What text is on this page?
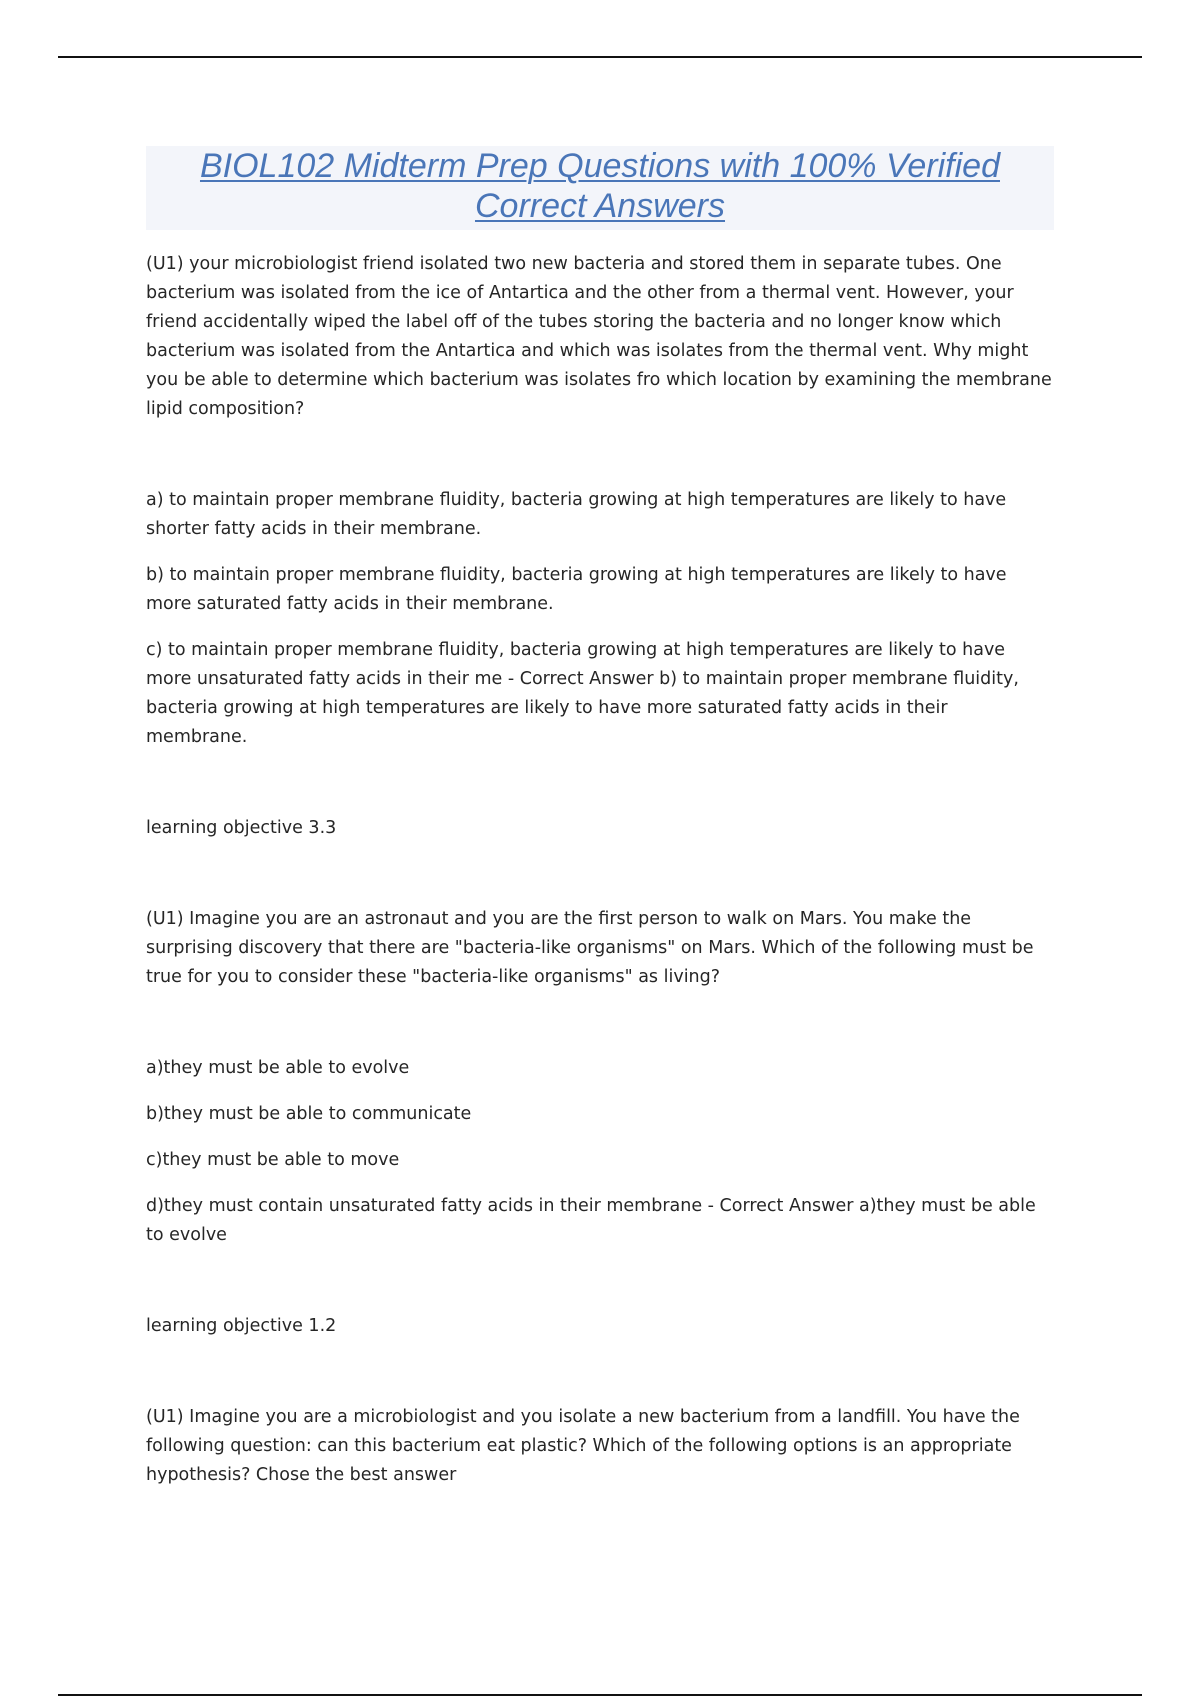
BIOL102 Midterm Prep Questions with 100% Verified
Correct Answers

(U1) your microbiologist friend isolated two new bacteria and stored them in separate tubes. One bacterium was isolated from the ice of Antartica and the other from a thermal vent. However, your friend accidentally wiped the label off of the tubes storing the bacteria and no longer know which bacterium was isolated from the Antartica and which was isolates from the thermal vent. Why might you be able to determine which bacterium was isolates fro which location by examining the membrane lipid composition?

a) to maintain proper membrane fluidity, bacteria growing at high temperatures are likely to have shorter fatty acids in their membrane.

b) to maintain proper membrane fluidity, bacteria growing at high temperatures are likely to have more saturated fatty acids in their membrane.

c) to maintain proper membrane fluidity, bacteria growing at high temperatures are likely to have more unsaturated fatty acids in their me - Correct Answer b) to maintain proper membrane fluidity, bacteria growing at high temperatures are likely to have more saturated fatty acids in their membrane.

learning objective 3.3

(U1) Imagine you are an astronaut and you are the first person to walk on Mars. You make the surprising discovery that there are "bacteria-like organisms" on Mars. Which of the following must be true for you to consider these "bacteria-like organisms" as living?

a)they must be able to evolve

b)they must be able to communicate

c)they must be able to move

d)they must contain unsaturated fatty acids in their membrane - Correct Answer a)they must be able to evolve

learning objective 1.2

(U1) Imagine you are a microbiologist and you isolate a new bacterium from a landfill. You have the following question: can this bacterium eat plastic? Which of the following options is an appropriate hypothesis? Chose the best answer
